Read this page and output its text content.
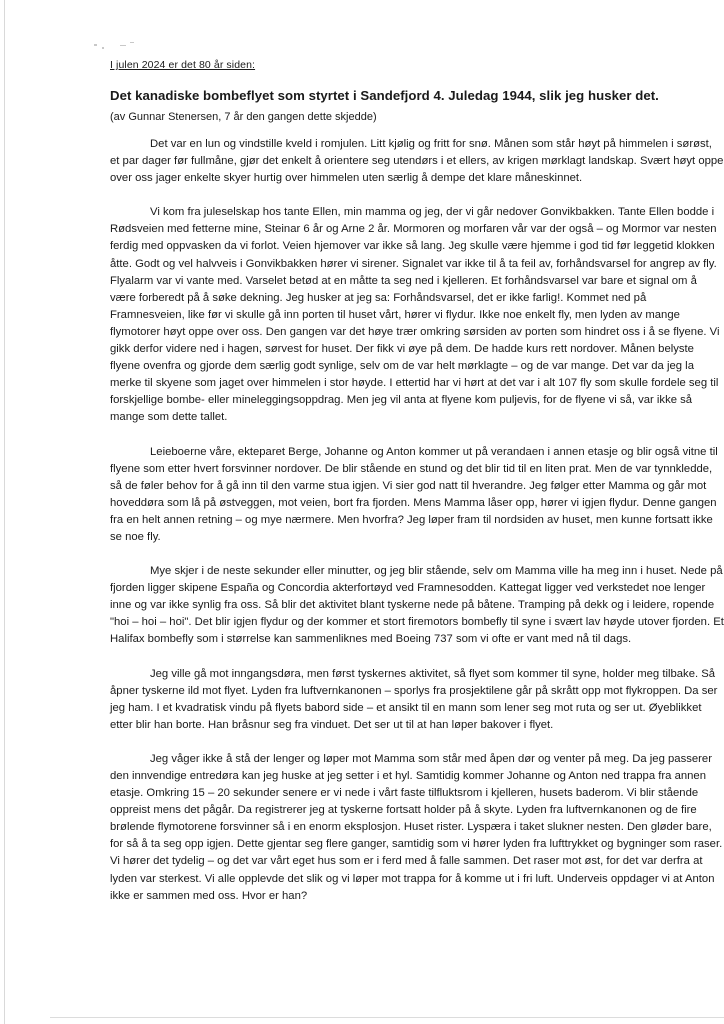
I julen 2024 er det 80 år siden:
Det kanadiske bombeflyet som styrtet i Sandefjord 4. Juledag 1944, slik jeg husker det.
(av Gunnar Stenersen, 7 år den gangen dette skjedde)

Det var en lun og vindstille kveld i romjulen. Litt kjølig og fritt for snø. Månen som står høyt på himmelen i sørøst, et par dager før fullmåne, gjør det enkelt å orientere seg utendørs i et ellers, av krigen mørklagt landskap. Svært høyt oppe over oss jager enkelte skyer hurtig over himmelen uten særlig å dempe det klare måneskinnet.

Vi kom fra juleselskap hos tante Ellen, min mamma og jeg, der vi går nedover Gonvikbakken. Tante Ellen bodde i Rødsveien med fetterne mine, Steinar 6 år og Arne 2 år. Mormoren og morfaren vår var der også – og Mormor var nesten ferdig med oppvasken da vi forlot. Veien hjemover var ikke så lang. Jeg skulle være hjemme i god tid før leggetid klokken åtte. Godt og vel halvveis i Gonvikbakken hører vi sirener. Signalet var ikke til å ta feil av, forhåndsvarsel for angrep av fly. Flyalarm var vi vante med. Varselet betød at en måtte ta seg ned i kjelleren. Et forhåndsvarsel var bare et signal om å være forberedt på å søke dekning. Jeg husker at jeg sa: Forhåndsvarsel, det er ikke farlig!. Kommet ned på Framnesveien, like før vi skulle gå inn porten til huset vårt, hører vi flydur. Ikke noe enkelt fly, men lyden av mange flymotorer høyt oppe over oss. Den gangen var det høye trær omkring sørsiden av porten som hindret oss i å se flyene. Vi gikk derfor videre ned i hagen, sørvest for huset. Der fikk vi øye på dem. De hadde kurs rett nordover. Månen belyste flyene ovenfra og gjorde dem særlig godt synlige, selv om de var helt mørklagte – og de var mange. Det var da jeg la merke til skyene som jaget over himmelen i stor høyde. I ettertid har vi hørt at det var i alt 107 fly som skulle fordele seg til forskjellige bombe- eller mineleggingsoppdrag. Men jeg vil anta at flyene kom puljevis, for de flyene vi så, var ikke så mange som dette tallet.

Leieboerne våre, ekteparet Berge, Johanne og Anton kommer ut på verandaen i annen etasje og blir også vitne til flyene som etter hvert forsvinner nordover. De blir stående en stund og det blir tid til en liten prat. Men de var tynnkledde, så de føler behov for å gå inn til den varme stua igjen. Vi sier god natt til hverandre. Jeg følger etter Mamma og går mot hoveddøra som lå på østveggen, mot veien, bort fra fjorden. Mens Mamma låser opp, hører vi igjen flydur. Denne gangen fra en helt annen retning – og mye nærmere. Men hvorfra? Jeg løper fram til nordsiden av huset, men kunne fortsatt ikke se noe fly.

Mye skjer i de neste sekunder eller minutter, og jeg blir stående, selv om Mamma ville ha meg inn i huset. Nede på fjorden ligger skipene España og Concordia akterfortøyd ved Framnesodden. Kattegat ligger ved verkstedet noe lenger inne og var ikke synlig fra oss. Så blir det aktivitet blant tyskerne nede på båtene. Tramping på dekk og i leidere, ropende "hoi – hoi – hoi". Det blir igjen flydur og der kommer et stort firemotors bombefly til syne i svært lav høyde utover fjorden. Et Halifax bombefly som i størrelse kan sammenliknes med Boeing 737 som vi ofte er vant med nå til dags.

Jeg ville gå mot inngangsdøra, men først tyskernes aktivitet, så flyet som kommer til syne, holder meg tilbake. Så åpner tyskerne ild mot flyet. Lyden fra luftvernkanonen – sporlys fra prosjektilene går på skrått opp mot flykroppen. Da ser jeg ham. I et kvadratisk vindu på flyets babord side – et ansikt til en mann som lener seg mot ruta og ser ut. Øyeblikket etter blir han borte. Han bråsnur seg fra vinduet. Det ser ut til at han løper bakover i flyet.

Jeg våger ikke å stå der lenger og løper mot Mamma som står med åpen dør og venter på meg. Da jeg passerer den innvendige entredøra kan jeg huske at jeg setter i et hyl. Samtidig kommer Johanne og Anton ned trappa fra annen etasje. Omkring 15 – 20 sekunder senere er vi nede i vårt faste tilfluktsrom i kjelleren, husets baderom. Vi blir stående oppreist mens det pågår. Da registrerer jeg at tyskerne fortsatt holder på å skyte. Lyden fra luftvernkanonen og de fire brølende flymotorene forsvinner så i en enorm eksplosjon. Huset rister. Lyspæra i taket slukner nesten. Den gløder bare, for så å ta seg opp igjen. Dette gjentar seg flere ganger, samtidig som vi hører lyden fra lufttrykket og bygninger som raser. Vi hører det tydelig – og det var vårt eget hus som er i ferd med å falle sammen. Det raser mot øst, for det var derfra at lyden var sterkest. Vi alle opplevde det slik og vi løper mot trappa for å komme ut i fri luft. Underveis oppdager vi at Anton ikke er sammen med oss. Hvor er han?
